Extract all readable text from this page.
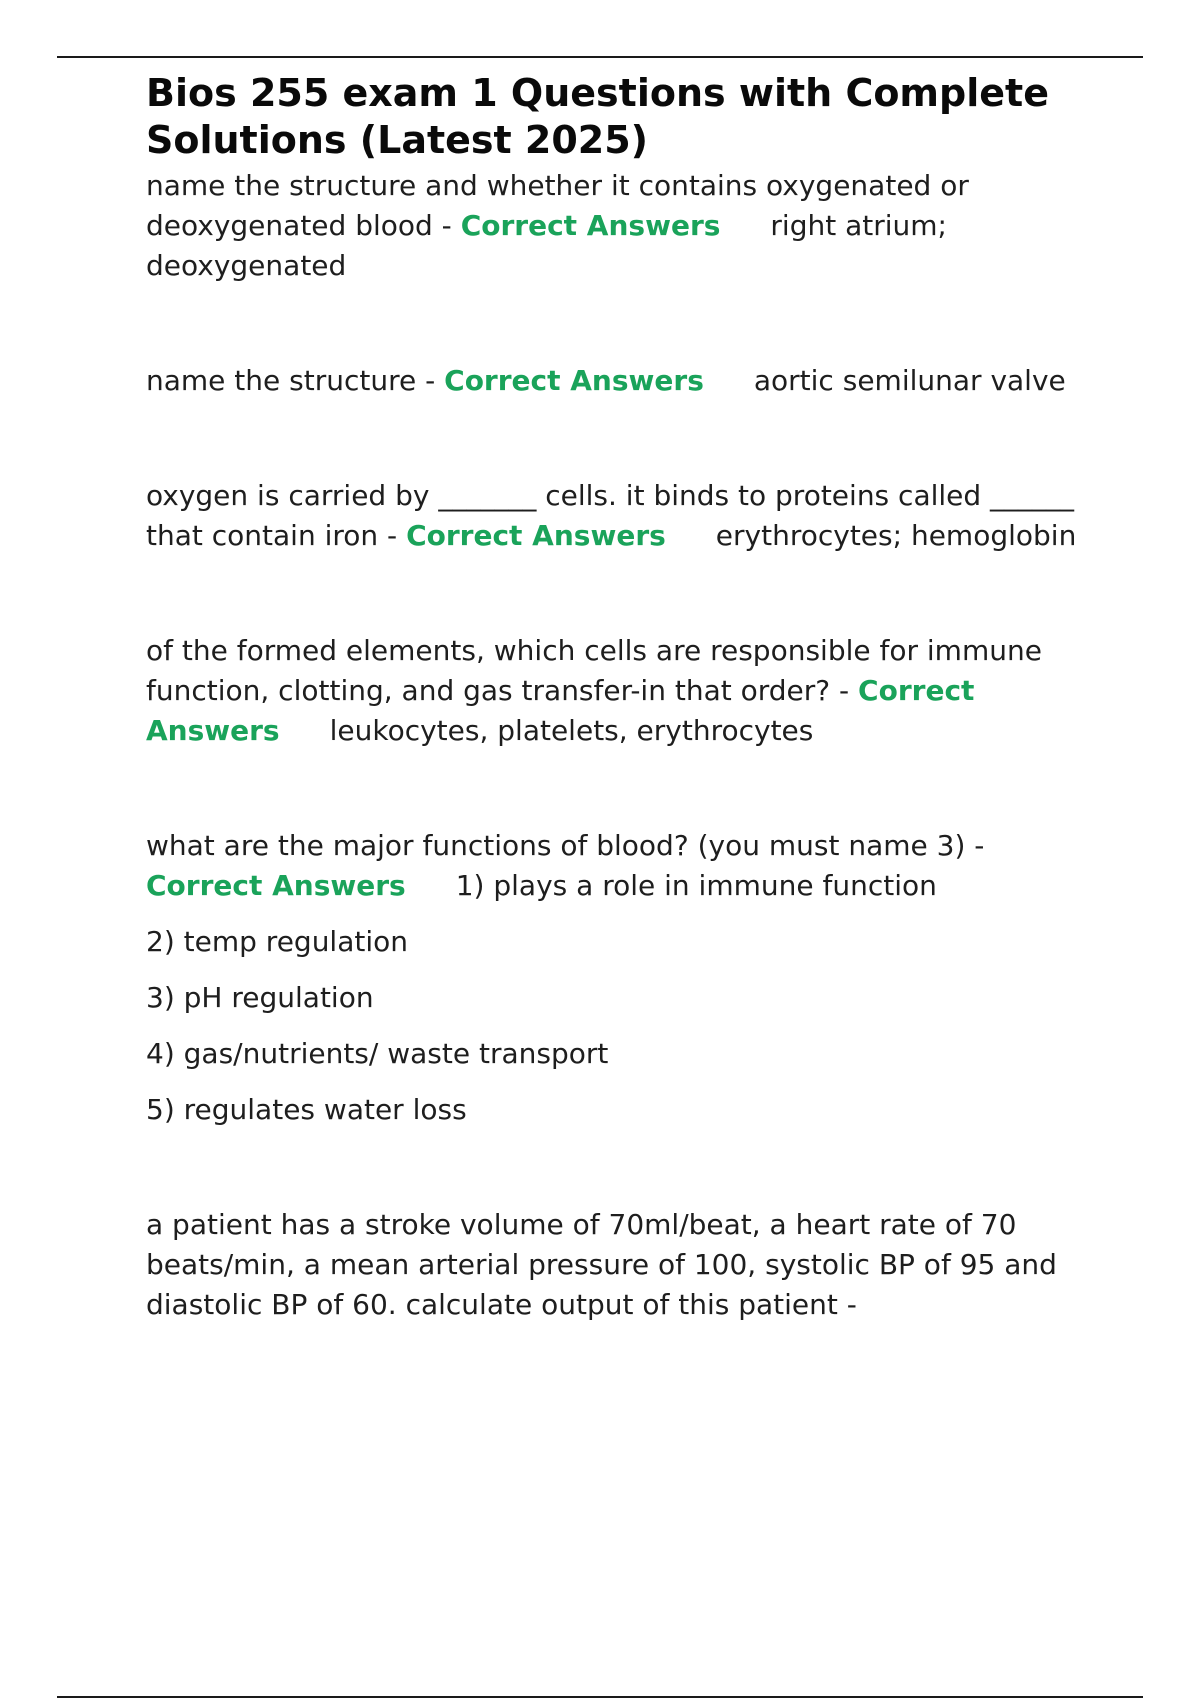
Bios 255 exam 1 Questions with Complete Solutions (Latest 2025)

name the structure and whether it contains oxygenated or deoxygenated blood - Correct Answers right atrium; deoxygenated

name the structure - Correct Answers aortic semilunar valve

oxygen is carried by _______ cells. it binds to proteins called ______ that contain iron - Correct Answers erythrocytes; hemoglobin

of the formed elements, which cells are responsible for immune function, clotting, and gas transfer-in that order? - Correct Answers leukocytes, platelets, erythrocytes

what are the major functions of blood? (you must name 3) - Correct Answers 1) plays a role in immune function

2) temp regulation

3) pH regulation

4) gas/nutrients/ waste transport

5) regulates water loss

a patient has a stroke volume of 70ml/beat, a heart rate of 70 beats/min, a mean arterial pressure of 100, systolic BP of 95 and diastolic BP of 60. calculate output of this patient -
